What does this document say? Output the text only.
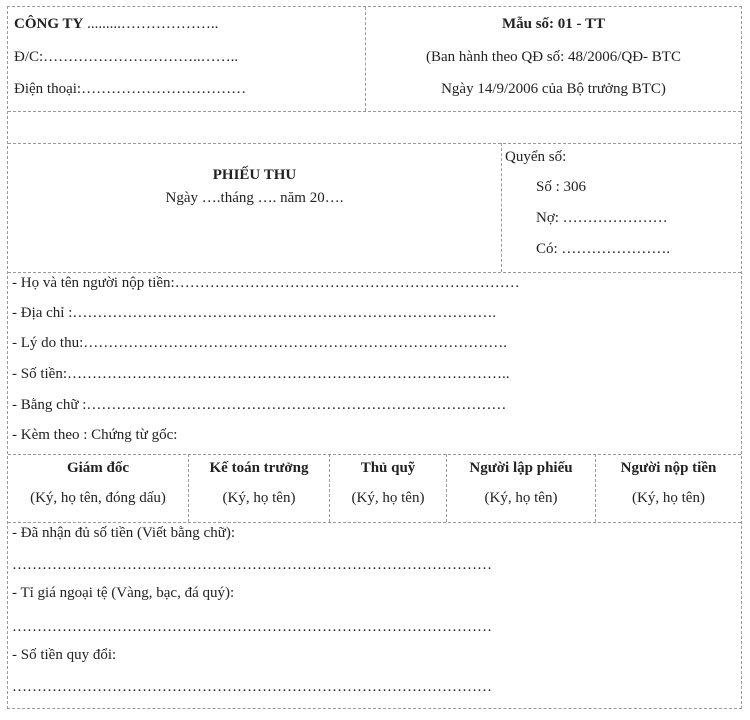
CÔNG TY .........………………..
Đ/C:…………………………..……..
Điện thoại:……………………………
Mẫu số: 01 - TT
(Ban hành theo QĐ số: 48/2006/QĐ- BTC
Ngày 14/9/2006 của Bộ trưởng BTC)
PHIẾU THU
Ngày ….tháng …. năm 20….
Quyển số:
Số : 306
Nợ: …………………
Có: ………………….
- Họ và tên người nộp tiền:……………………………………………………………
- Địa chỉ :………………………………………………………………………….
- Lý do thu:………………………………………………………………………….
- Số tiền:……………………………………………………………………………..
- Bằng chữ :…………………………………………………………………………
- Kèm theo : Chứng từ gốc:
Giám đốc
(Ký, họ tên, đóng dấu)
Kế toán trưởng
(Ký, họ tên)
Thủ quỹ
(Ký, họ tên)
Người lập phiếu
(Ký, họ tên)
Người nộp tiền
(Ký, họ tên)
- Đã nhận đủ số tiền (Viết bằng chữ):
……………………………………………………………………………………
- Tỉ giá ngoại tệ (Vàng, bạc, đá quý):
……………………………………………………………………………………
- Số tiền quy đổi:
……………………………………………………………………………………
